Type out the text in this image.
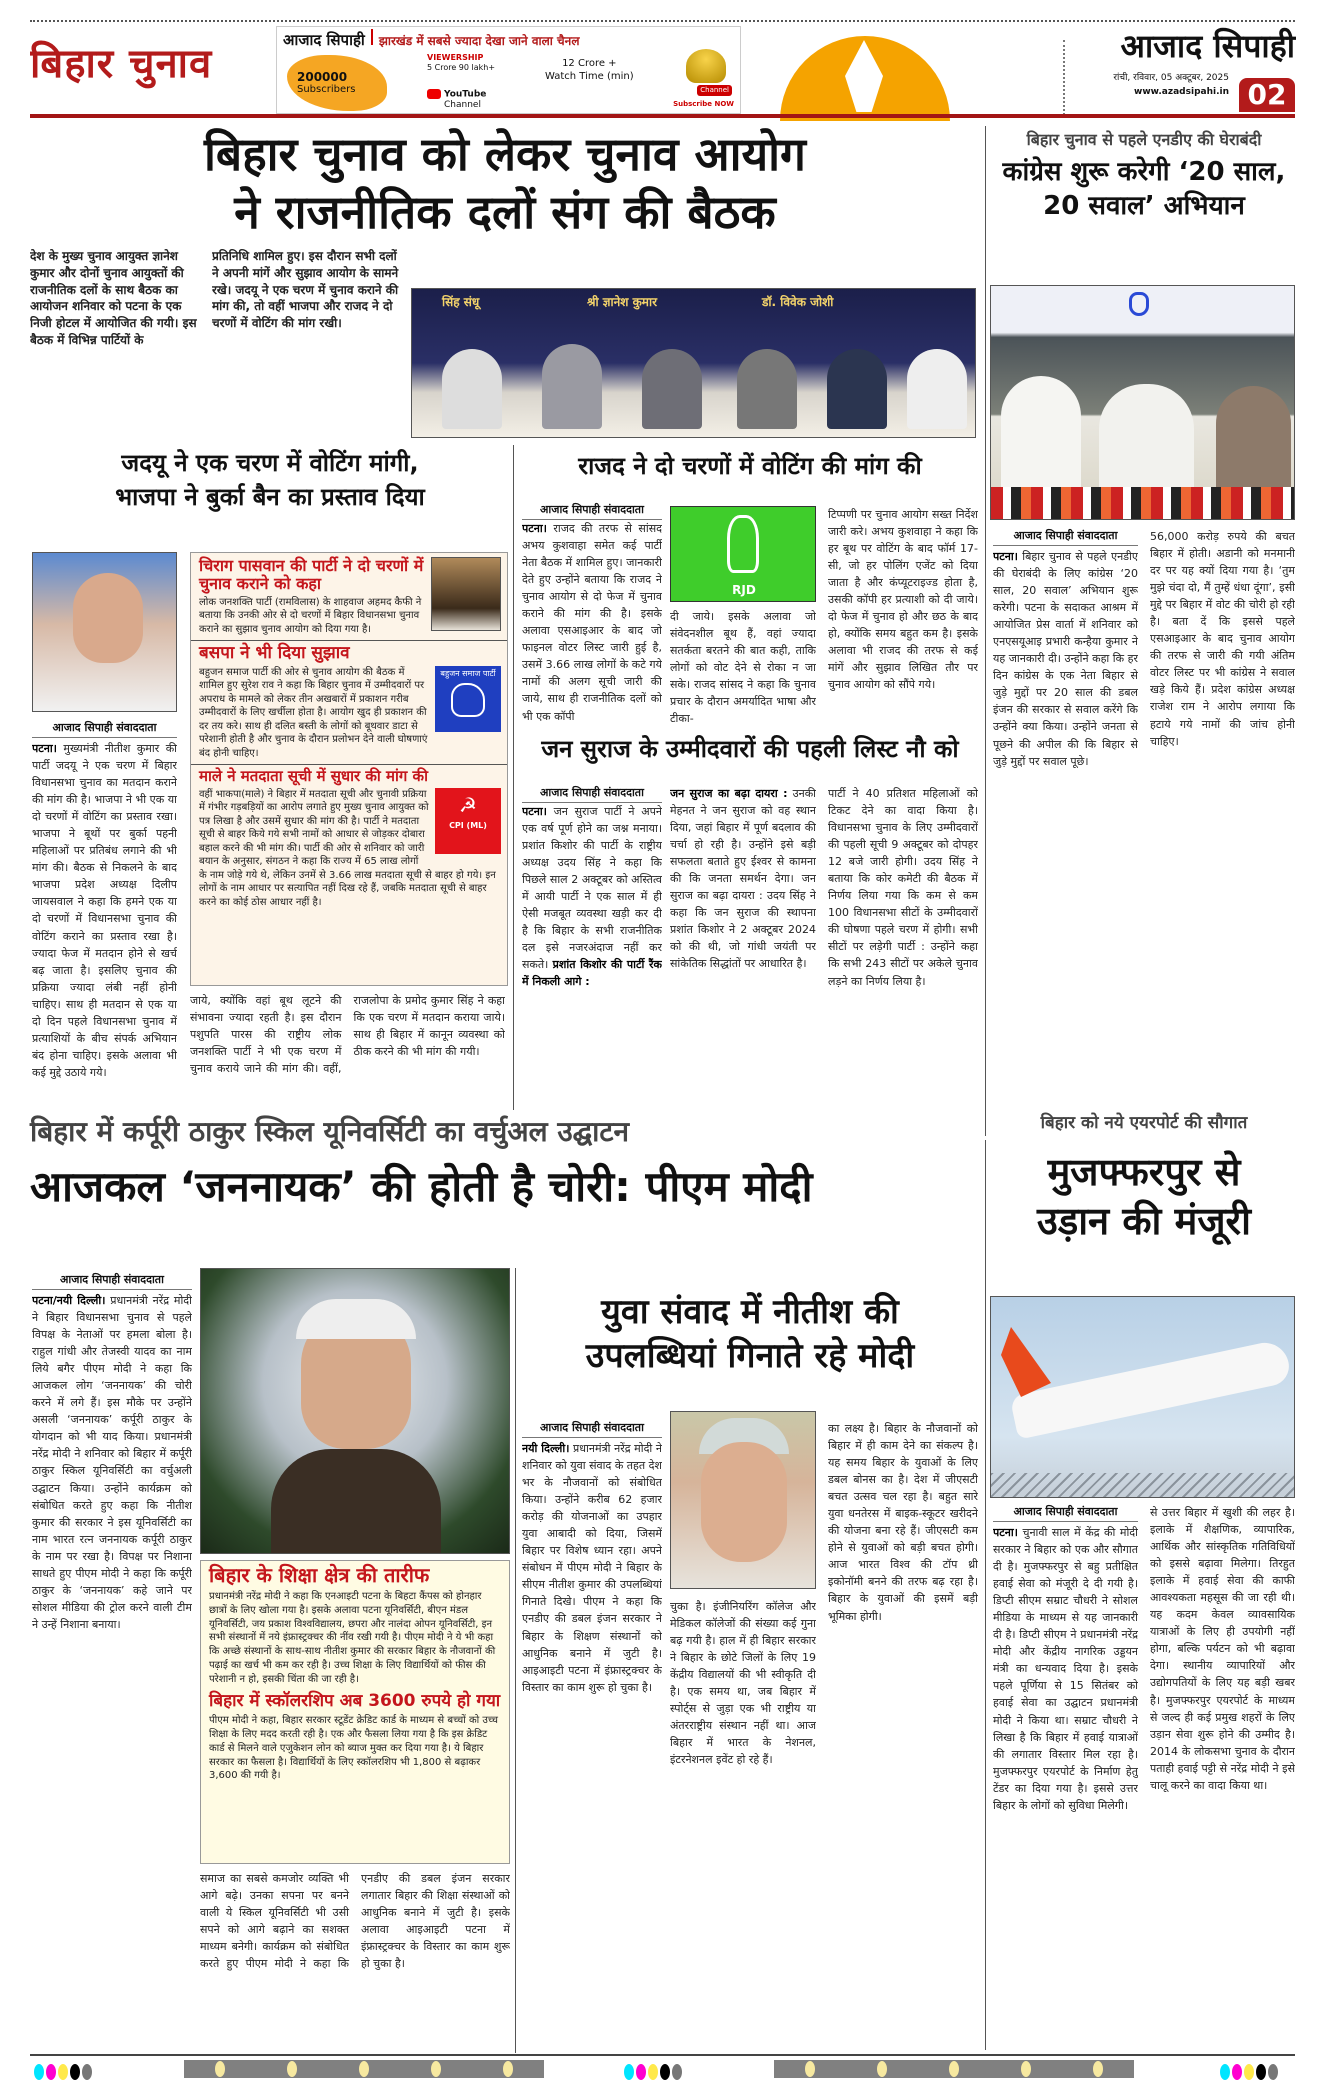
बिहार चुनाव
आजाद सिपाही झारखंड में सबसे ज्यादा देखा जाने वाला चैनल
200000
Subscribers
VIEWERSHIP
5 Crore 90 lakh+	12 Crore +
Watch Time (min)
YouTube
Channel
Channel
Subscribe NOW
आजाद सिपाही
रांची, रविवार, 05 अक्टूबर, 2025
www.azadsipahi.in 02
बिहार चुनाव को लेकर चुनाव आयोग
ने राजनीतिक दलों संग की बैठक
देश के मुख्य चुनाव आयुक्त ज्ञानेश कुमार और दोनों चुनाव आयुक्तों की राजनीतिक दलों के साथ बैठक का आयोजन शनिवार को पटना के एक निजी होटल में आयोजित की गयी। इस बैठक में विभिन्न पार्टियों के
प्रतिनिधि शामिल हुए। इस दौरान सभी दलों ने अपनी मांगें और सुझाव आयोग के सामने रखे। जदयू ने एक चरण में चुनाव कराने की मांग की, तो वहीं भाजपा और राजद ने दो चरणों में वोटिंग की मांग रखी।
सिंह संधू	श्री ज्ञानेश कुमार	डॉ. विवेक जोशी
बिहार चुनाव से पहले एनडीए की घेराबंदी
कांग्रेस शुरू करेगी ‘20 साल, 20 सवाल’ अभियान
आजाद सिपाही संवाददाता
पटना। बिहार चुनाव से पहले एनडीए की घेराबंदी के लिए कांग्रेस ‘20 साल, 20 सवाल’ अभियान शुरू करेगी। पटना के सदाकत आश्रम में आयोजित प्रेस वार्ता में शनिवार को एनएसयूआइ प्रभारी कन्हैया कुमार ने यह जानकारी दी। उन्होंने कहा कि हर दिन कांग्रेस के एक नेता बिहार से जुड़े मुद्दों पर 20 साल की डबल इंजन की सरकार से सवाल करेंगे कि उन्होंने क्या किया। उन्होंने जनता से पूछने की अपील की कि बिहार से जुड़े मुद्दों पर सवाल पूछे।
56,000 करोड़ रुपये की बचत बिहार में होती। अडानी को मनमानी दर पर यह क्यों दिया गया है। ‘तुम मुझे चंदा दो, मैं तुम्हें धंधा दूंगा’, इसी मुद्दे पर बिहार में वोट की चोरी हो रही है। बता दें कि इससे पहले एसआइआर के बाद चुनाव आयोग की तरफ से जारी की गयी अंतिम वोटर लिस्ट पर भी कांग्रेस ने सवाल खड़े किये हैं। प्रदेश कांग्रेस अध्यक्ष राजेश राम ने आरोप लगाया कि हटाये गये नामों की जांच होनी चाहिए।
जदयू ने एक चरण में वोटिंग मांगी,
भाजपा ने बुर्का बैन का प्रस्ताव दिया
आजाद सिपाही संवाददाता
पटना। मुख्यमंत्री नीतीश कुमार की पार्टी जदयू ने एक चरण में बिहार विधानसभा चुनाव का मतदान कराने की मांग की है। भाजपा ने भी एक या दो चरणों में वोटिंग का प्रस्ताव रखा। भाजपा ने बूथों पर बुर्का पहनी महिलाओं पर प्रतिबंध लगाने की भी मांग की। बैठक से निकलने के बाद भाजपा प्रदेश अध्यक्ष दिलीप जायसवाल ने कहा कि हमने एक या दो चरणों में विधानसभा चुनाव की वोटिंग कराने का प्रस्ताव रखा है। ज्यादा फेज में मतदान होने से खर्च बढ़ जाता है। इसलिए चुनाव की प्रक्रिया ज्यादा लंबी नहीं होनी चाहिए। साथ ही मतदान से एक या दो दिन पहले विधानसभा चुनाव में प्रत्याशियों के बीच संपर्क अभियान बंद होना चाहिए। इसके अलावा भी कई मुद्दे उठाये गये।
जाये, क्योंकि वहां बूथ लूटने की संभावना ज्यादा रहती है। इस दौरान पशुपति पारस की राष्ट्रीय लोक जनशक्ति पार्टी ने भी एक चरण में चुनाव कराये जाने की मांग की। वहीं, राजलोपा के प्रमोद कुमार सिंह ने कहा कि एक चरण में मतदान कराया जाये। साथ ही बिहार में कानून व्यवस्था को ठीक करने की भी मांग की गयी।
चिराग पासवान की पार्टी ने दो चरणों में चुनाव कराने को कहा
लोक जनशक्ति पार्टी (रामविलास) के शाहवाज अहमद कैफी ने बताया कि उनकी ओर से दो चरणों में बिहार विधानसभा चुनाव कराने का सुझाव चुनाव आयोग को दिया गया है।
बसपा ने भी दिया सुझाव
बहुजन समाज पार्टी
बहुजन समाज पार्टी की ओर से चुनाव आयोग की बैठक में शामिल हुए सुरेश राव ने कहा कि बिहार चुनाव में उम्मीदवारों पर अपराध के मामले को लेकर तीन अखबारों में प्रकाशन गरीब उम्मीदवारों के लिए खर्चीला होता है। आयोग खुद ही प्रकाशन की दर तय करे। साथ ही दलित बस्ती के लोगों को बूथवार डाटा से परेशानी होती है और चुनाव के दौरान प्रलोभन देने वाली घोषणाएं बंद होनी चाहिए।
माले ने मतदाता सूची में सुधार की मांग की
☭
CPI (ML)
वहीं भाकपा(माले) ने बिहार में मतदाता सूची और चुनावी प्रक्रिया में गंभीर गड़बड़ियों का आरोप लगाते हुए मुख्य चुनाव आयुक्त को पत्र लिखा है और उसमें सुधार की मांग की है। पार्टी ने मतदाता सूची से बाहर किये गये सभी नामों को आधार से जोड़कर दोबारा बहाल करने की भी मांग की। पार्टी की ओर से शनिवार को जारी बयान के अनुसार, संगठन ने कहा कि राज्य में 65 लाख लोगों के नाम जोड़े गये थे, लेकिन उनमें से 3.66 लाख मतदाता सूची से बाहर हो गये। इन लोगों के नाम आधार पर सत्यापित नहीं दिख रहे हैं, जबकि मतदाता सूची से बाहर करने का कोई ठोस आधार नहीं है।
राजद ने दो चरणों में वोटिंग की मांग की
आजाद सिपाही संवाददाता
पटना। राजद की तरफ से सांसद अभय कुशवाहा समेत कई पार्टी नेता बैठक में शामिल हुए। जानकारी देते हुए उन्होंने बताया कि राजद ने चुनाव आयोग से दो फेज में चुनाव कराने की मांग की है। इसके अलावा एसआइआर के बाद जो फाइनल वोटर लिस्ट जारी हुई है, उसमें 3.66 लाख लोगों के कटे गये नामों की अलग सूची जारी की जाये, साथ ही राजनीतिक दलों को भी एक कॉपी
RJD
दी जाये। इसके अलावा जो संवेदनशील बूथ हैं, वहां ज्यादा सतर्कता बरतने की बात कही, ताकि लोगों को वोट देने से रोका न जा सके। राजद सांसद ने कहा कि चुनाव प्रचार के दौरान अमर्यादित भाषा और टीका-
टिप्पणी पर चुनाव आयोग सख्त निर्देश जारी करे। अभय कुशवाहा ने कहा कि हर बूथ पर वोटिंग के बाद फॉर्म 17-सी, जो हर पोलिंग एजेंट को दिया जाता है और कंप्यूटराइज्ड होता है, उसकी कॉपी हर प्रत्याशी को दी जाये। दो फेज में चुनाव हो और छठ के बाद हो, क्योंकि समय बहुत कम है। इसके अलावा भी राजद की तरफ से कई मांगें और सुझाव लिखित तौर पर चुनाव आयोग को सौंपे गये।
जन सुराज के उम्मीदवारों की पहली लिस्ट नौ को
आजाद सिपाही संवाददाता
पटना। जन सुराज पार्टी ने अपने एक वर्ष पूर्ण होने का जश्न मनाया। प्रशांत किशोर की पार्टी के राष्ट्रीय अध्यक्ष उदय सिंह ने कहा कि पिछले साल 2 अक्टूबर को अस्तित्व में आयी पार्टी ने एक साल में ही ऐसी मजबूत व्यवस्था खड़ी कर दी है कि बिहार के सभी राजनीतिक दल इसे नजरअंदाज नहीं कर सकते। प्रशांत किशोर की पार्टी रैंक में निकली आगे :
जन सुराज का बढ़ा दायरा : उनकी मेहनत ने जन सुराज को वह स्थान दिया, जहां बिहार में पूर्ण बदलाव की चर्चा हो रही है। उन्होंने इसे बड़ी सफलता बताते हुए ईश्वर से कामना की कि जनता समर्थन देगा। जन सुराज का बढ़ा दायरा : उदय सिंह ने कहा कि जन सुराज की स्थापना प्रशांत किशोर ने 2 अक्टूबर 2024 को की थी, जो गांधी जयंती पर सांकेतिक सिद्धांतों पर आधारित है।
पार्टी ने 40 प्रतिशत महिलाओं को टिकट देने का वादा किया है। विधानसभा चुनाव के लिए उम्मीदवारों की पहली सूची 9 अक्टूबर को दोपहर 12 बजे जारी होगी। उदय सिंह ने बताया कि कोर कमेटी की बैठक में निर्णय लिया गया कि कम से कम 100 विधानसभा सीटों के उम्मीदवारों की घोषणा पहले चरण में होगी। सभी सीटों पर लड़ेगी पार्टी : उन्होंने कहा कि सभी 243 सीटों पर अकेले चुनाव लड़ने का निर्णय लिया है।
बिहार में कर्पूरी ठाकुर स्किल यूनिवर्सिटी का वर्चुअल उद्घाटन
आजकल ‘जननायक’ की होती है चोरी: पीएम मोदी
आजाद सिपाही संवाददाता
पटना/नयी दिल्ली। प्रधानमंत्री नरेंद्र मोदी ने बिहार विधानसभा चुनाव से पहले विपक्ष के नेताओं पर हमला बोला है। राहुल गांधी और तेजस्वी यादव का नाम लिये बगैर पीएम मोदी ने कहा कि आजकल लोग ‘जननायक’ की चोरी करने में लगे हैं। इस मौके पर उन्होंने असली ‘जननायक’ कर्पूरी ठाकुर के योगदान को भी याद किया। प्रधानमंत्री नरेंद्र मोदी ने शनिवार को बिहार में कर्पूरी ठाकुर स्किल यूनिवर्सिटी का वर्चुअली उद्घाटन किया। उन्होंने कार्यक्रम को संबोधित करते हुए कहा कि नीतीश कुमार की सरकार ने इस यूनिवर्सिटी का नाम भारत रत्न जननायक कर्पूरी ठाकुर के नाम पर रखा है। विपक्ष पर निशाना साधते हुए पीएम मोदी ने कहा कि कर्पूरी ठाकुर के ‘जननायक’ कहे जाने पर सोशल मीडिया की ट्रोल करने वाली टीम ने उन्हें निशाना बनाया।
बिहार के शिक्षा क्षेत्र की तारीफ
प्रधानमंत्री नरेंद्र मोदी ने कहा कि एनआइटी पटना के बिहटा कैंपस को होनहार छात्रों के लिए खोला गया है। इसके अलावा पटना यूनिवर्सिटी, बीएन मंडल यूनिवर्सिटी, जय प्रकाश विश्वविद्यालय, छपरा और नालंदा ओपन यूनिवर्सिटी, इन सभी संस्थानों में नये इंफ्रास्ट्रक्चर की नींव रखी गयी है। पीएम मोदी ने ये भी कहा कि अच्छे संस्थानों के साथ-साथ नीतीश कुमार की सरकार बिहार के नौजवानों की पढ़ाई का खर्च भी कम कर रही है। उच्च शिक्षा के लिए विद्यार्थियों को फीस की परेशानी न हो, इसकी चिंता की जा रही है।
बिहार में स्कॉलरशिप अब 3600 रुपये हो गया
पीएम मोदी ने कहा, बिहार सरकार स्टूडेंट क्रेडिट कार्ड के माध्यम से बच्चों को उच्च शिक्षा के लिए मदद करती रही है। एक और फैसला लिया गया है कि इस क्रेडिट कार्ड से मिलने वाले एजुकेशन लोन को ब्याज मुक्त कर दिया गया है। ये बिहार सरकार का फैसला है। विद्यार्थियों के लिए स्कॉलरशिप भी 1,800 से बढ़ाकर 3,600 की गयी है।
समाज का सबसे कमजोर व्यक्ति भी आगे बढ़े। उनका सपना पर बनने वाली ये स्किल यूनिवर्सिटी भी उसी सपने को आगे बढ़ाने का सशक्त माध्यम बनेगी। कार्यक्रम को संबोधित करते हुए पीएम मोदी ने कहा कि एनडीए की डबल इंजन सरकार लगातार बिहार की शिक्षा संस्थाओं को आधुनिक बनाने में जुटी है। इसके अलावा आइआइटी पटना में इंफ्रास्ट्रक्चर के विस्तार का काम शुरू हो चुका है।
युवा संवाद में नीतीश की
उपलब्धियां गिनाते रहे मोदी
आजाद सिपाही संवाददाता
नयी दिल्ली। प्रधानमंत्री नरेंद्र मोदी ने शनिवार को युवा संवाद के तहत देश भर के नौजवानों को संबोधित किया। उन्होंने करीब 62 हजार करोड़ की योजनाओं का उपहार युवा आबादी को दिया, जिसमें बिहार पर विशेष ध्यान रहा। अपने संबोधन में पीएम मोदी ने बिहार के सीएम नीतीश कुमार की उपलब्धियां गिनाते दिखे। पीएम ने कहा कि एनडीए की डबल इंजन सरकार ने बिहार के शिक्षण संस्थानों को आधुनिक बनाने में जुटी है। आइआइटी पटना में इंफ्रास्ट्रक्चर के विस्तार का काम शुरू हो चुका है।
चुका है। इंजीनियरिंग कॉलेज और मेडिकल कॉलेजों की संख्या कई गुना बढ़ गयी है। हाल में ही बिहार सरकार ने बिहार के छोटे जिलों के लिए 19 केंद्रीय विद्यालयों की भी स्वीकृति दी है। एक समय था, जब बिहार में स्पोर्ट्स से जुड़ा एक भी राष्ट्रीय या अंतरराष्ट्रीय संस्थान नहीं था। आज बिहार में भारत के नेशनल, इंटरनेशनल इवेंट हो रहे हैं।
का लक्ष्य है। बिहार के नौजवानों को बिहार में ही काम देने का संकल्प है। यह समय बिहार के युवाओं के लिए डबल बोनस का है। देश में जीएसटी बचत उत्सव चल रहा है। बहुत सारे युवा धनतेरस में बाइक-स्कूटर खरीदने की योजना बना रहे हैं। जीएसटी कम होने से युवाओं को बड़ी बचत होगी। आज भारत विश्व की टॉप थ्री इकोनॉमी बनने की तरफ बढ़ रहा है। बिहार के युवाओं की इसमें बड़ी भूमिका होगी।
बिहार को नये एयरपोर्ट की सौगात
मुजफ्फरपुर से
उड़ान की मंजूरी
आजाद सिपाही संवाददाता
पटना। चुनावी साल में केंद्र की मोदी सरकार ने बिहार को एक और सौगात दी है। मुजफ्फरपुर से बहु प्रतीक्षित हवाई सेवा को मंजूरी दे दी गयी है। डिप्टी सीएम सम्राट चौधरी ने सोशल मीडिया के माध्यम से यह जानकारी दी है। डिप्टी सीएम ने प्रधानमंत्री नरेंद्र मोदी और केंद्रीय नागरिक उड्डयन मंत्री का धन्यवाद दिया है। इसके पहले पूर्णिया से 15 सितंबर को हवाई सेवा का उद्घाटन प्रधानमंत्री मोदी ने किया था। सम्राट चौधरी ने लिखा है कि बिहार में हवाई यात्राओं की लगातार विस्तार मिल रहा है। मुजफ्फरपुर एयरपोर्ट के निर्माण हेतु टेंडर का दिया गया है। इससे उत्तर बिहार के लोगों को सुविधा मिलेगी।
से उत्तर बिहार में खुशी की लहर है। इलाके में शैक्षणिक, व्यापारिक, आर्थिक और सांस्कृतिक गतिविधियों को इससे बढ़ावा मिलेगा। तिरहुत इलाके में हवाई सेवा की काफी आवश्यकता महसूस की जा रही थी। यह कदम केवल व्यावसायिक यात्राओं के लिए ही उपयोगी नहीं होगा, बल्कि पर्यटन को भी बढ़ावा देगा। स्थानीय व्यापारियों और उद्योगपतियों के लिए यह बड़ी खबर है। मुजफ्फरपुर एयरपोर्ट के माध्यम से जल्द ही कई प्रमुख शहरों के लिए उड़ान सेवा शुरू होने की उम्मीद है। 2014 के लोकसभा चुनाव के दौरान पताही हवाई पट्टी से नरेंद्र मोदी ने इसे चालू करने का वादा किया था।
